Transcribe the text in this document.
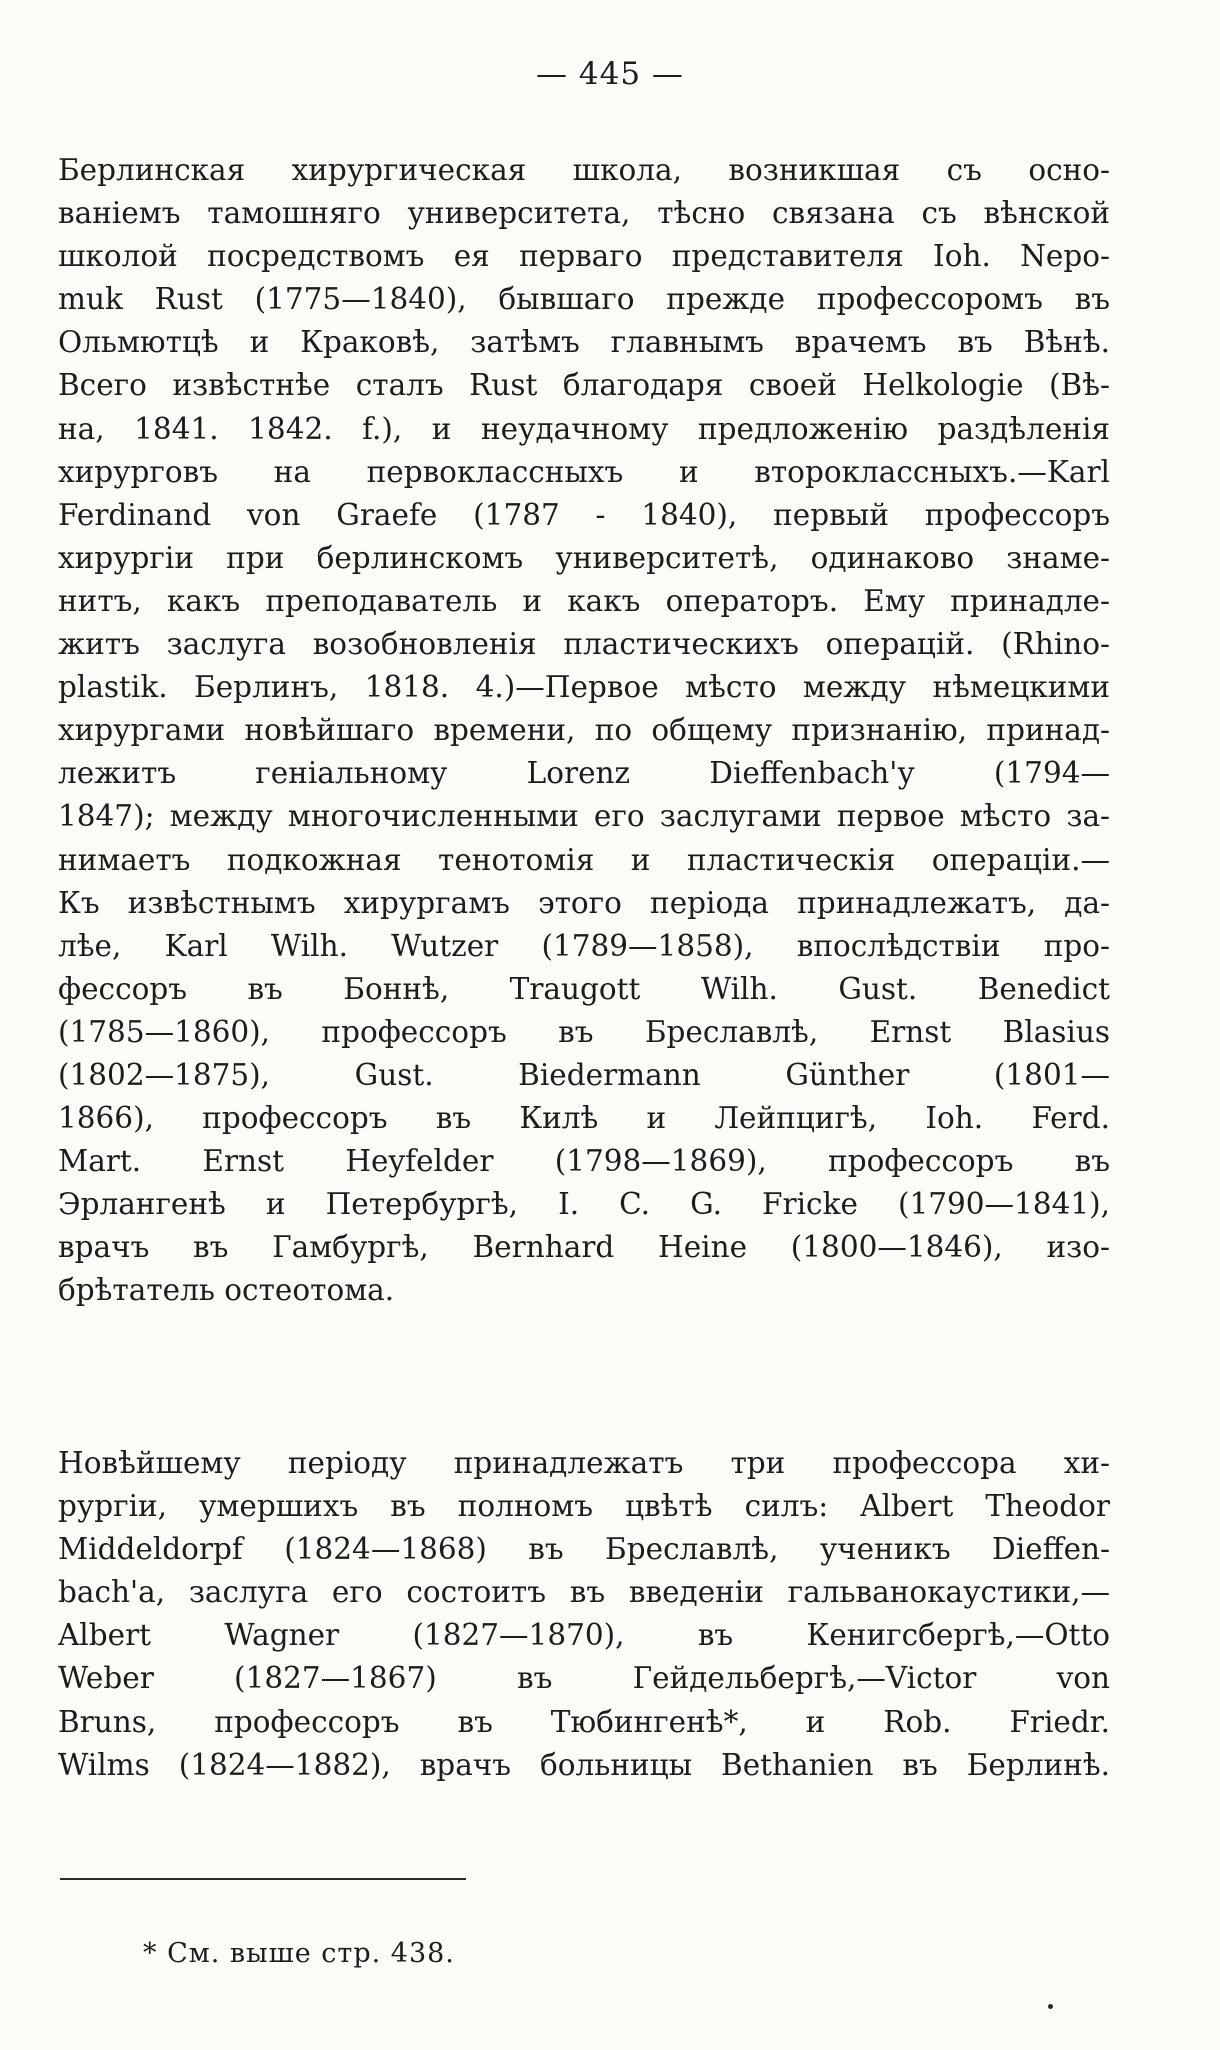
— 445 —
Берлинская хирургическая школа, возникшая съ осно-
ваніемъ тамошняго университета, тѣсно связана съ вѣнской
школой посредствомъ ея перваго представителя Ioh. Nepo-
muk Rust (1775—1840), бывшаго прежде профессоромъ въ
Ольмютцѣ и Краковѣ, затѣмъ главнымъ врачемъ въ Вѣнѣ.
Всего извѣстнѣе сталъ Rust благодаря своей Helkologie (Вѣ-
на, 1841. 1842. f.), и неудачному предложенію раздѣленія
хирурговъ на первоклассныхъ и второклассныхъ.—Karl
Ferdinand von Graefe (1787 - 1840), первый профессоръ
хирургіи при берлинскомъ университетѣ, одинаково знаме-
нитъ, какъ преподаватель и какъ операторъ. Ему принадле-
житъ заслуга возобновленія пластическихъ операцій. (Rhino-
plastik. Берлинъ, 1818. 4.)—Первое мѣсто между нѣмецкими
хирургами новѣйшаго времени, по общему признанію, принад-
лежитъ геніальному Lorenz Dieffenbach'у (1794—
1847); между многочисленными его заслугами первое мѣсто за-
нимаетъ подкожная тенотомія и пластическія операціи.—
Къ извѣстнымъ хирургамъ этого періода принадлежатъ, да-
лѣе, Karl Wilh. Wutzer (1789—1858), впослѣдствіи про-
фессоръ въ Боннѣ, Traugott Wilh. Gust. Benedict
(1785—1860), профессоръ въ Бреславлѣ, Ernst Blasius
(1802—1875), Gust. Biedermann Günther (1801—
1866), профессоръ въ Килѣ и Лейпцигѣ, Ioh. Ferd.
Mart. Ernst Heyfelder (1798—1869), профессоръ въ
Эрлангенѣ и Петербургѣ, I. C. G. Fricke (1790—1841),
врачъ въ Гамбургѣ, Bernhard Heine (1800—1846), изо-
брѣтатель остеотома.
Новѣйшему періоду принадлежатъ три профессора хи-
рургіи, умершихъ въ полномъ цвѣтѣ силъ: Albert Theodor
Middeldorpf (1824—1868) въ Бреславлѣ, ученикъ Dieffen-
bach'а, заслуга его состоитъ въ введеніи гальванокаустики,—
Albert Wagner (1827—1870), въ Кенигсбергѣ,—Otto
Weber (1827—1867) въ Гейдельбергѣ,—Victor von
Bruns, профессоръ въ Тюбингенѣ*, и Rob. Friedr.
Wilms (1824—1882), врачъ больницы Bethanien въ Берлинѣ.
* См. выше стр. 438.
